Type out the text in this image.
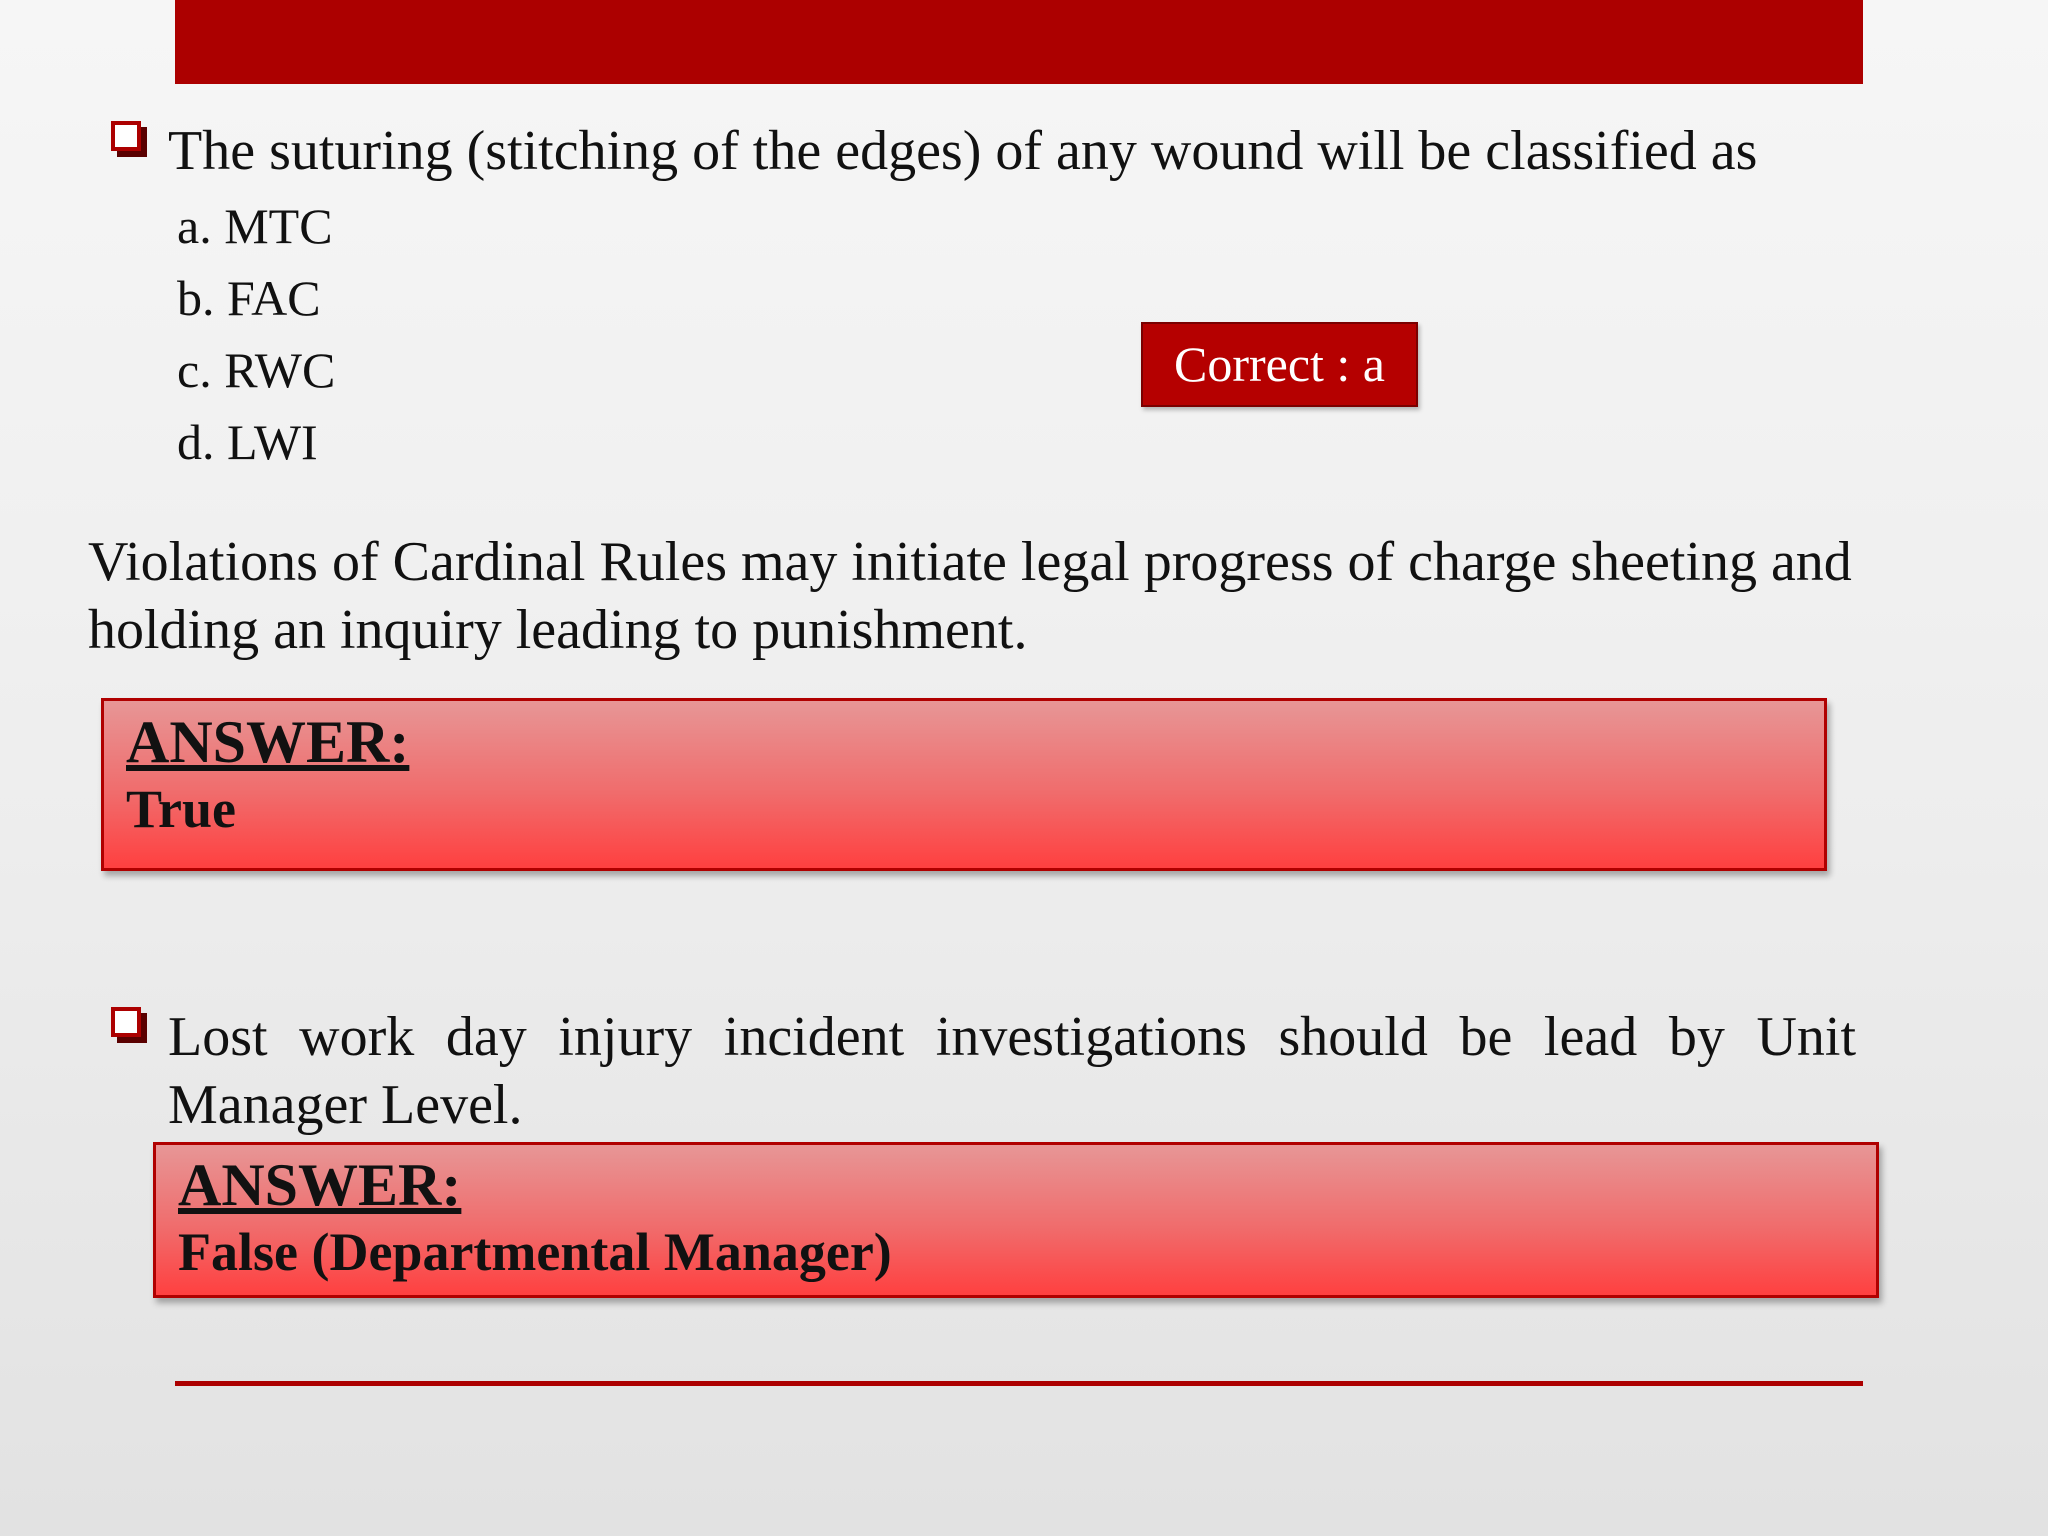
The suturing (stitching of the edges) of any wound will be classified as
a. MTC
b. FAC
c. RWC
d. LWI
Correct : a
Violations of Cardinal Rules may initiate legal progress of charge sheeting and holding an inquiry leading to punishment.
ANSWER:
True
Lost work day injury incident investigations should be lead by Unit Manager Level.
ANSWER:
False (Departmental Manager)
